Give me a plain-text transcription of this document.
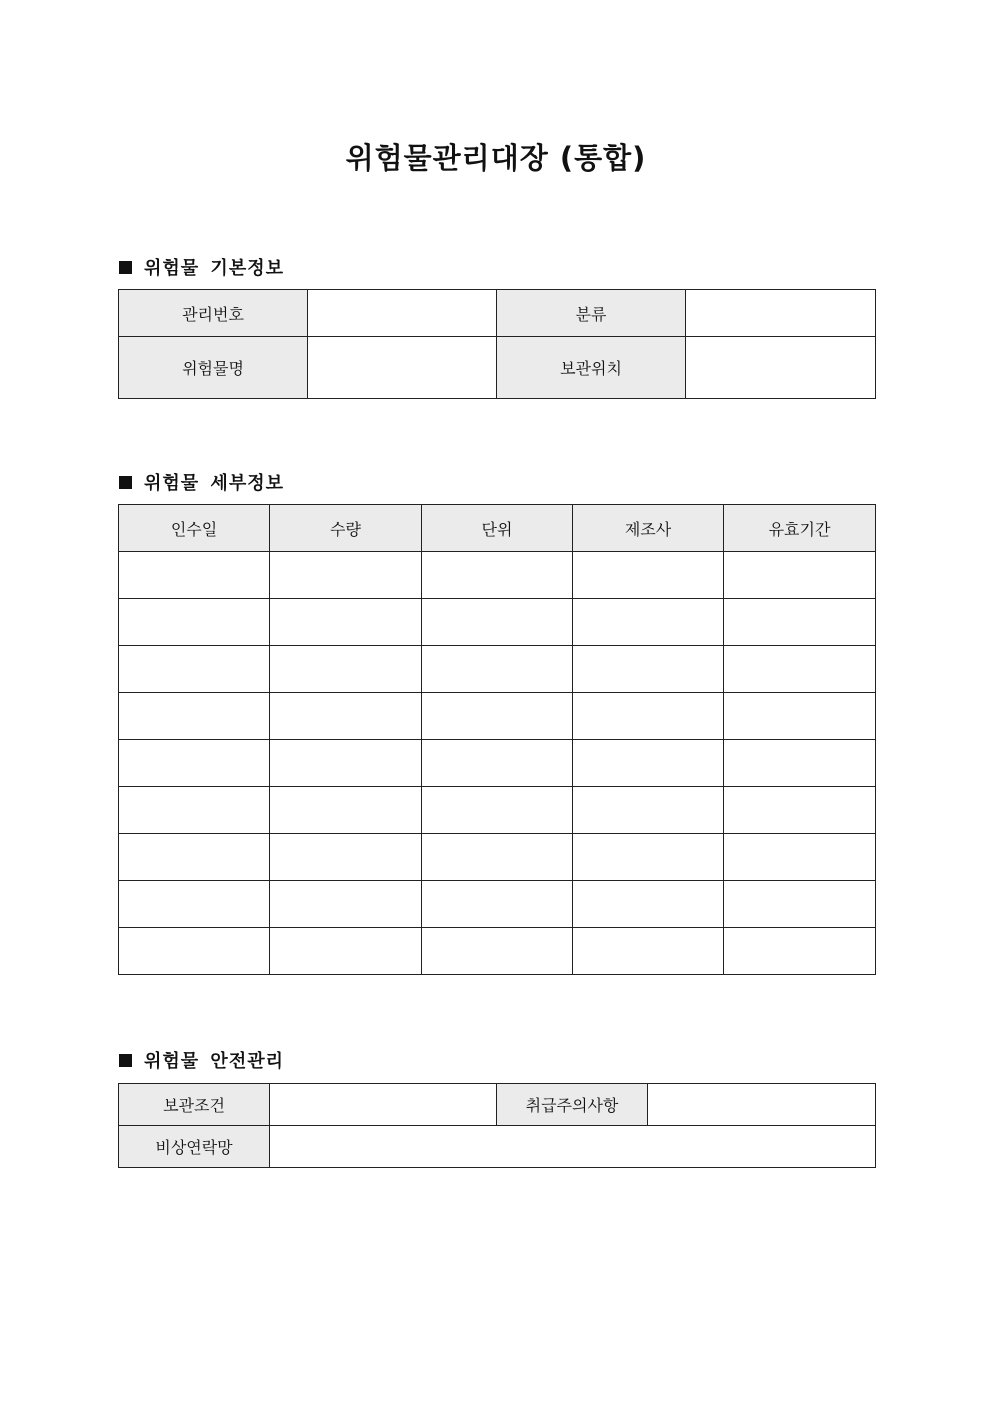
위험물관리대장 (통합)
위험물 기본정보
관리번호		분류	
위험물명		보관위치	
위험물 세부정보
인수일	수량	단위	제조사	유효기간

위험물 안전관리
보관조건		취급주의사항	
비상연락망			
